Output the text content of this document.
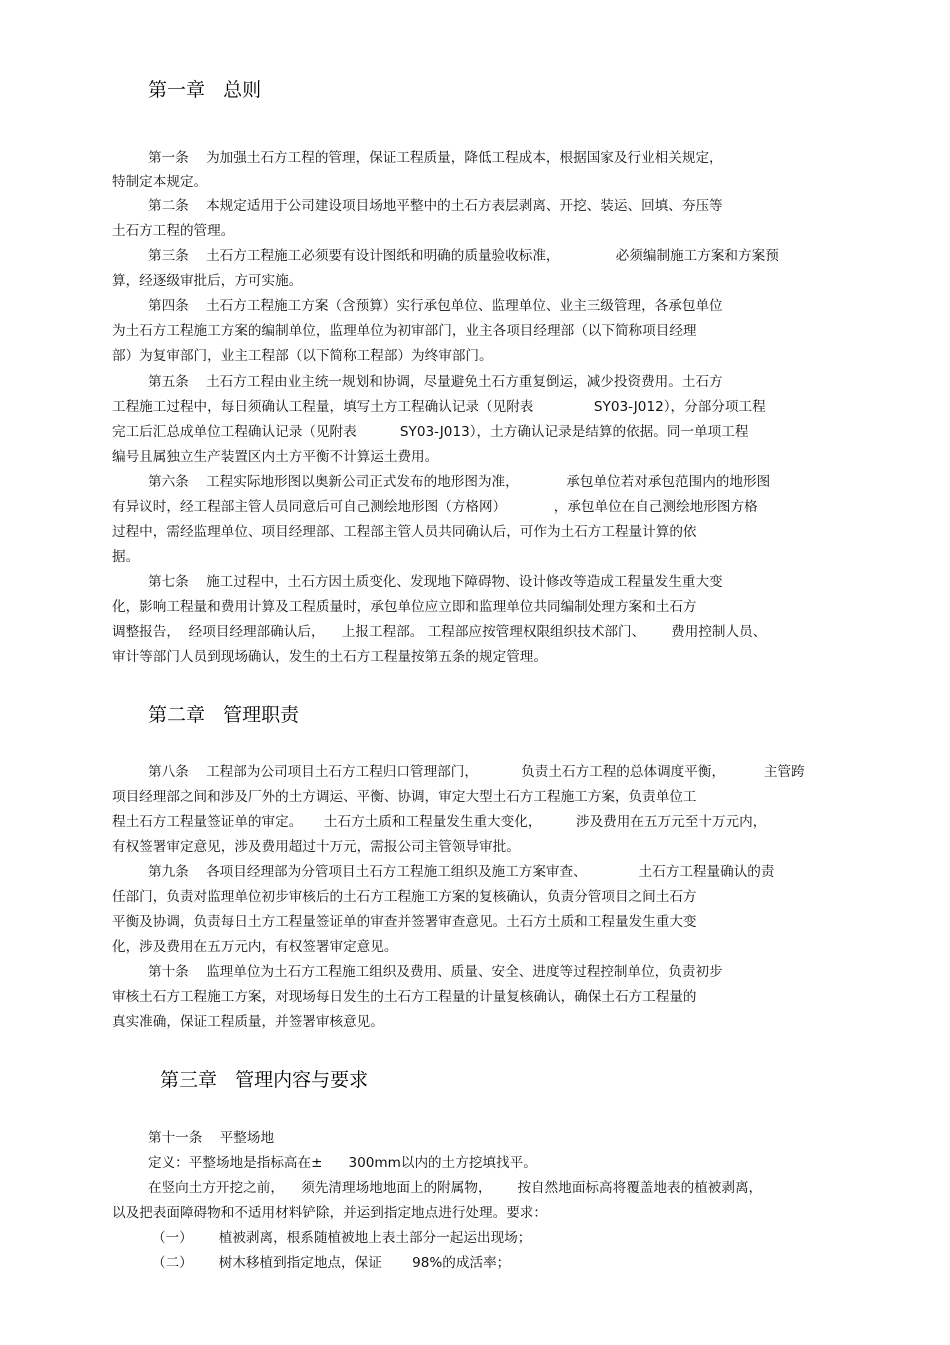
第一章   总则
第一条    为加强土石方工程的管理，保证工程质量，降低工程成本，根据国家及行业相关规定，
特制定本规定。
第二条    本规定适用于公司建设项目场地平整中的土石方表层剥离、开挖、装运、回填、夯压等
土石方工程的管理。
第三条    土石方工程施工必须要有设计图纸和明确的质量验收标准，             必须编制施工方案和方案预
算，经逐级审批后，方可实施。
第四条    土石方工程施工方案（含预算）实行承包单位、监理单位、业主三级管理，各承包单位
为土石方工程施工方案的编制单位，监理单位为初审部门，业主各项目经理部（以下简称项目经理
部）为复审部门，业主工程部（以下简称工程部）为终审部门。
第五条    土石方工程由业主统一规划和协调，尽量避免土石方重复倒运，减少投资费用。土石方
工程施工过程中，每日须确认工程量，填写土方工程确认记录（见附表              SY03-J012），分部分项工程
完工后汇总成单位工程确认记录（见附表          SY03-J013），土方确认记录是结算的依据。同一单项工程
编号且属独立生产装置区内土方平衡不计算运土费用。
第六条    工程实际地形图以奥新公司正式发布的地形图为准，           承包单位若对承包范围内的地形图
有异议时，经工程部主管人员同意后可自己测绘地形图（方格网）           ，承包单位在自己测绘地形图方格
过程中，需经监理单位、项目经理部、工程部主管人员共同确认后，可作为土石方工程量计算的依
据。
第七条    施工过程中，土石方因土质变化、发现地下障碍物、设计修改等造成工程量发生重大变
化，影响工程量和费用计算及工程质量时，承包单位应立即和监理单位共同编制处理方案和土石方
调整报告，  经项目经理部确认后，    上报工程部。 工程部应按管理权限组织技术部门、      费用控制人员、
审计等部门人员到现场确认，发生的土石方工程量按第五条的规定管理。
第二章   管理职责
第八条    工程部为公司项目土石方工程归口管理部门，          负责土石方工程的总体调度平衡，         主管跨
项目经理部之间和涉及厂外的土方调运、平衡、协调，审定大型土石方工程施工方案，负责单位工
程土石方工程量签证单的审定。     土石方土质和工程量发生重大变化，        涉及费用在五万元至十万元内，
有权签署审定意见，涉及费用超过十万元，需报公司主管领导审批。
第九条    各项目经理部为分管项目土石方工程施工组织及施工方案审查、            土石方工程量确认的责
任部门，负责对监理单位初步审核后的土石方工程施工方案的复核确认，负责分管项目之间土石方
平衡及协调，负责每日土方工程量签证单的审查并签署审查意见。土石方土质和工程量发生重大变
化，涉及费用在五万元内，有权签署审定意见。
第十条    监理单位为土石方工程施工组织及费用、质量、安全、进度等过程控制单位，负责初步
审核土石方工程施工方案，对现场每日发生的土石方工程量的计量复核确认，确保土石方工程量的
真实准确，保证工程质量，并签署审核意见。
第三章   管理内容与要求
第十一条    平整场地
定义：平整场地是指标高在±      300mm以内的土方挖填找平。
在竖向土方开挖之前，    须先清理场地地面上的附属物，      按自然地面标高将覆盖地表的植被剥离，
以及把表面障碍物和不适用材料铲除，并运到指定地点进行处理。要求：
（一）      植被剥离，根系随植被地上表土部分一起运出现场；
（二）      树木移植到指定地点，保证       98%的成活率；
